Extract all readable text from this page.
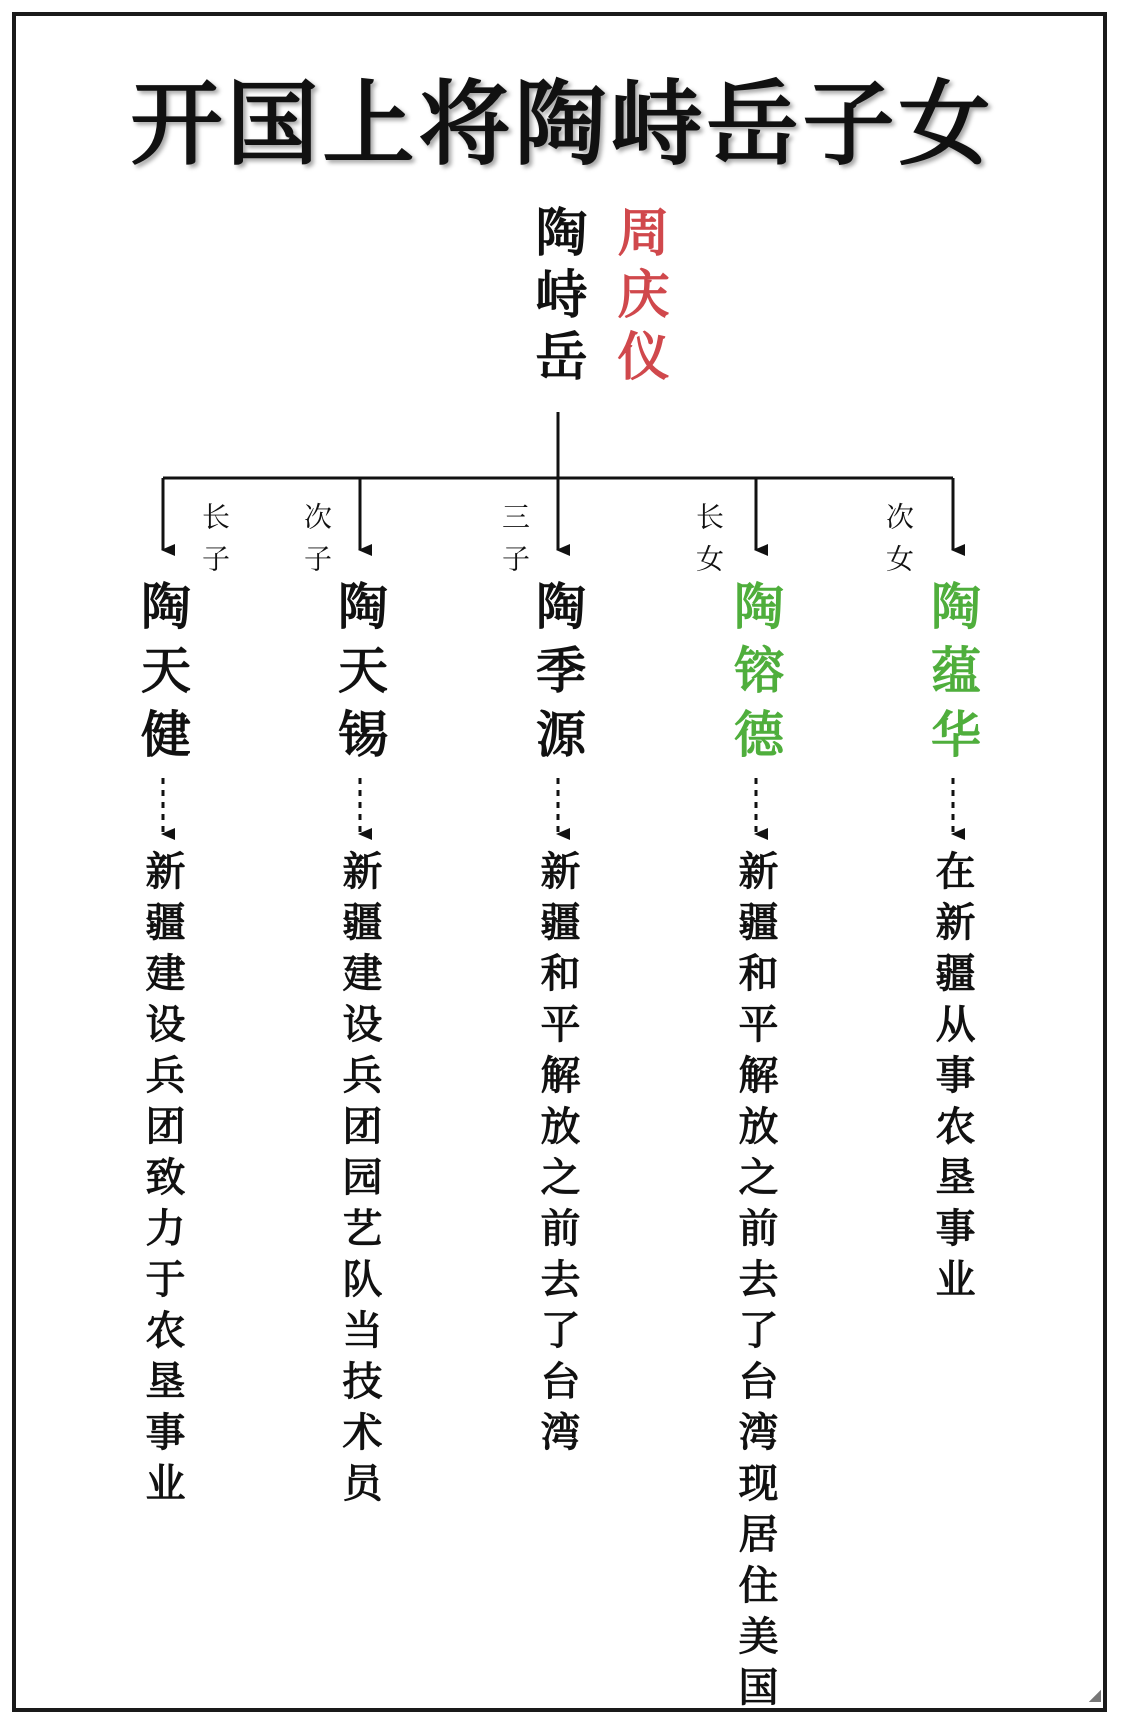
开国上将陶峙岳子女
陶峙岳 周庆仪
长子
陶天健
新疆建设兵团致力于农垦事业
次子
陶天锡
新疆建设兵团园艺队当技术员
三子
陶季源
新疆和平解放之前去了台湾
长女
陶镕德
新疆和平解放之前去了台湾现居住美国
次女
陶蕴华
在新疆从事农垦事业
◢
